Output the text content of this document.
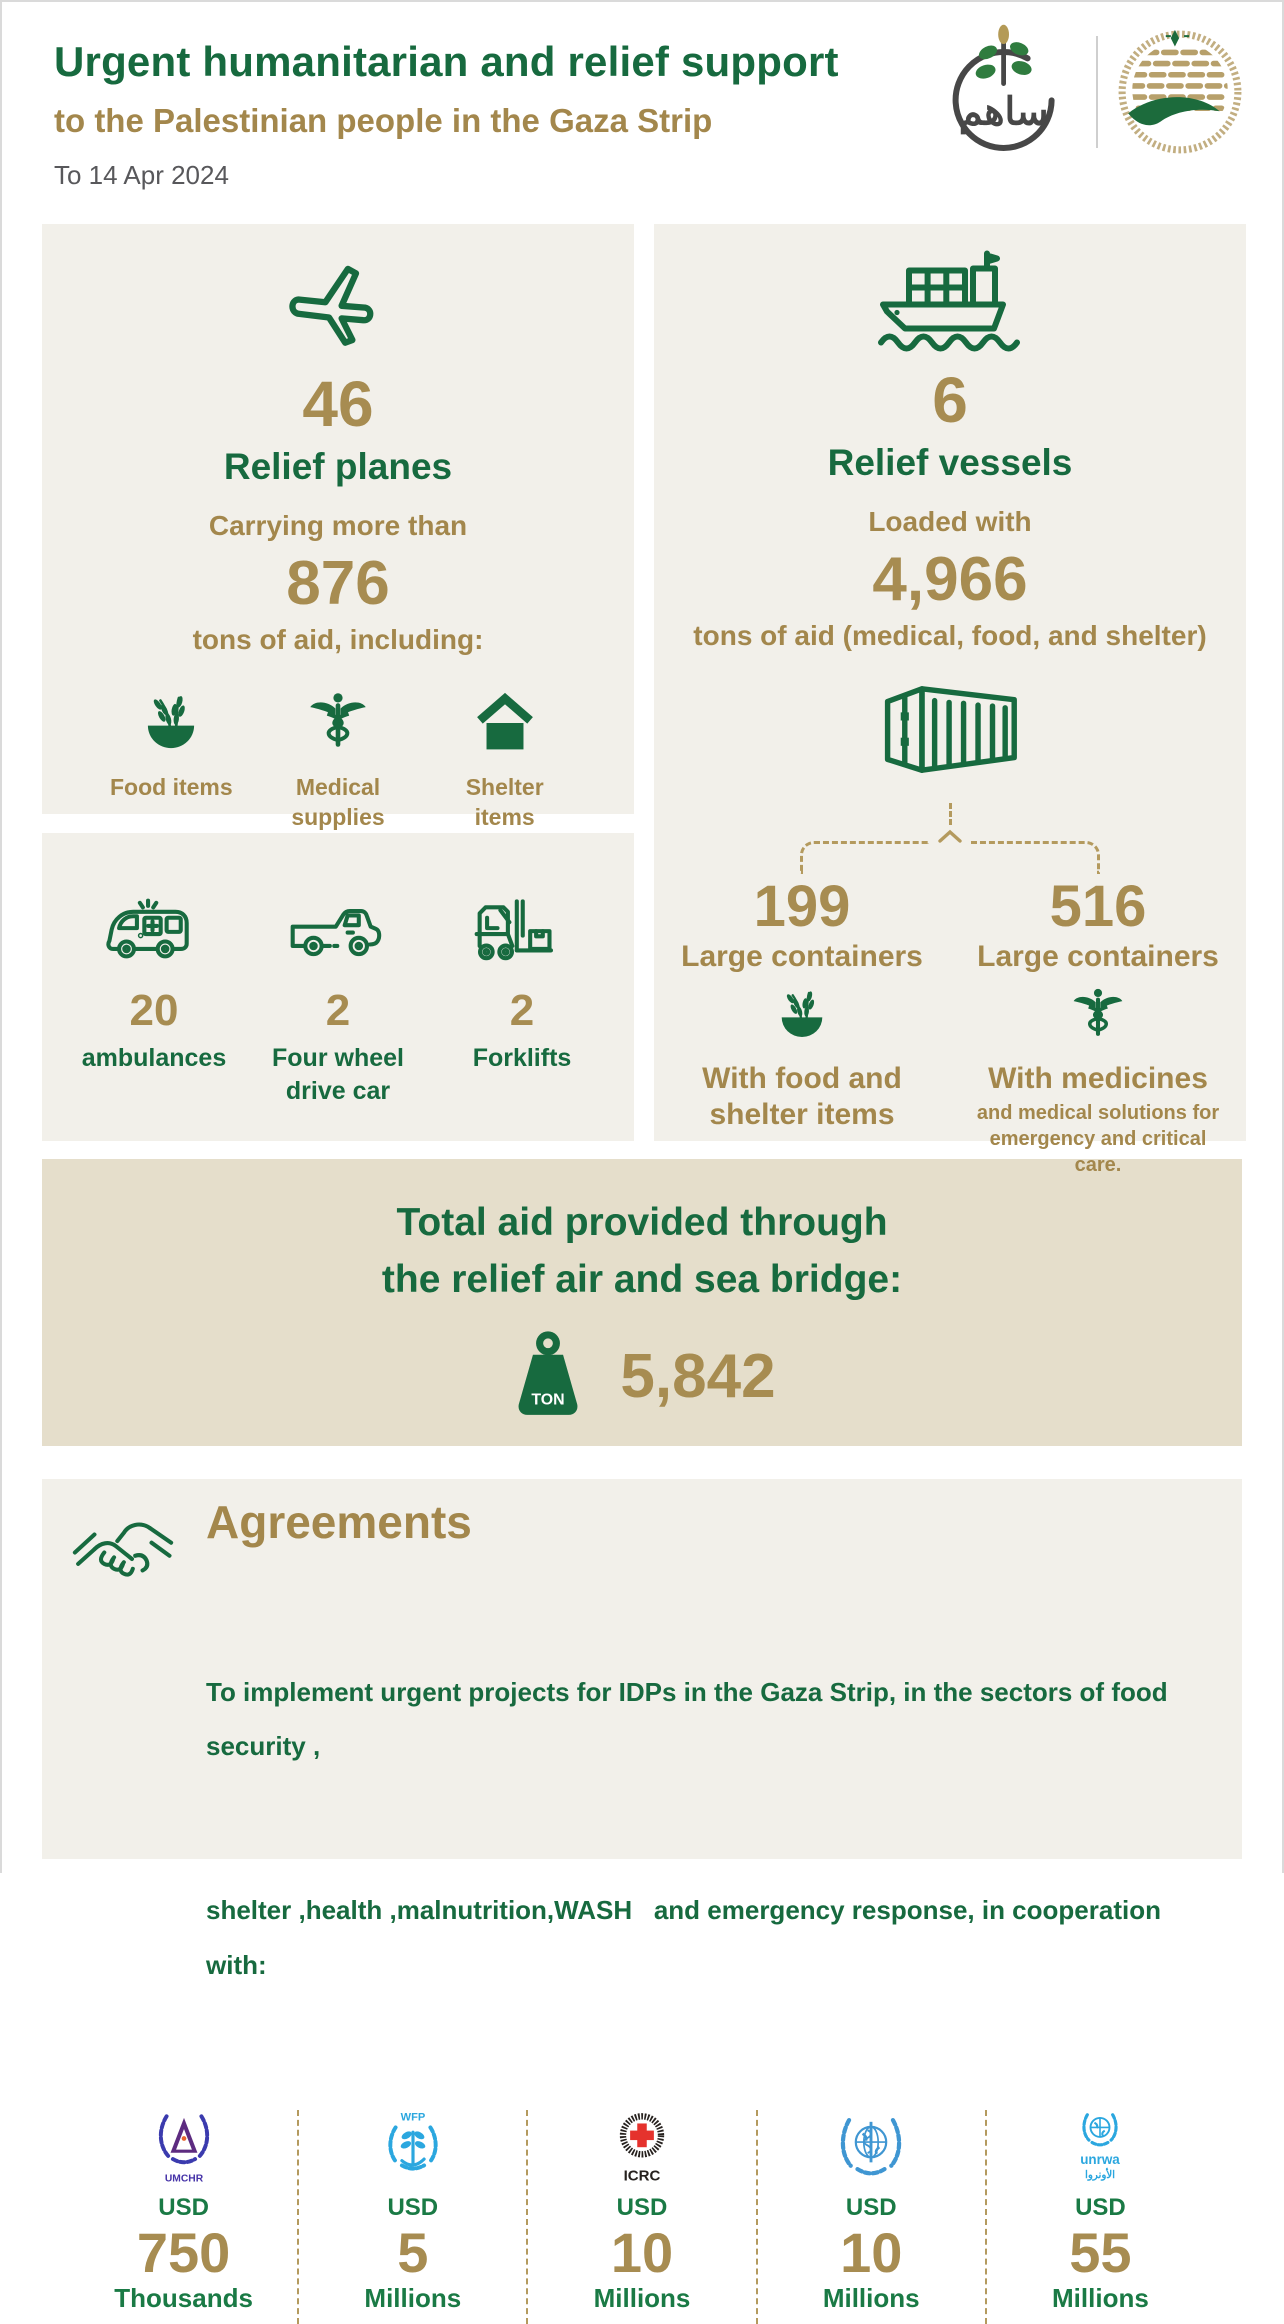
Urgent humanitarian and relief support
to the Palestinian people in the Gaza Strip
To 14 Apr 2024
ساهم
46
Relief planes
Carrying more than
876
tons of aid, including:
Food items	Medical
supplies
Shelter
items
20
ambulances
2
Four wheel
drive car
2
Forklifts
6
Relief vessels
Loaded with
4,966
tons of aid (medical, food, and shelter)
199
Large containers
With food and shelter items
516
Large containers
With medicines
and medical solutions for emergency and critical care.
Total aid provided through
the relief air and sea bridge:
TON 5,842
Agreements

To implement urgent projects for IDPs in the Gaza Strip, in the sectors of food security ,

shelter ,health ,malnutrition,WASH   and emergency response, in cooperation with:

UMCHR
USD
750
Thousands
WFP
USD
5
Millions
ICRC
USD
10
Millions
USD
10
Millions
unrwa
الأونروا
USD
55
Millions
